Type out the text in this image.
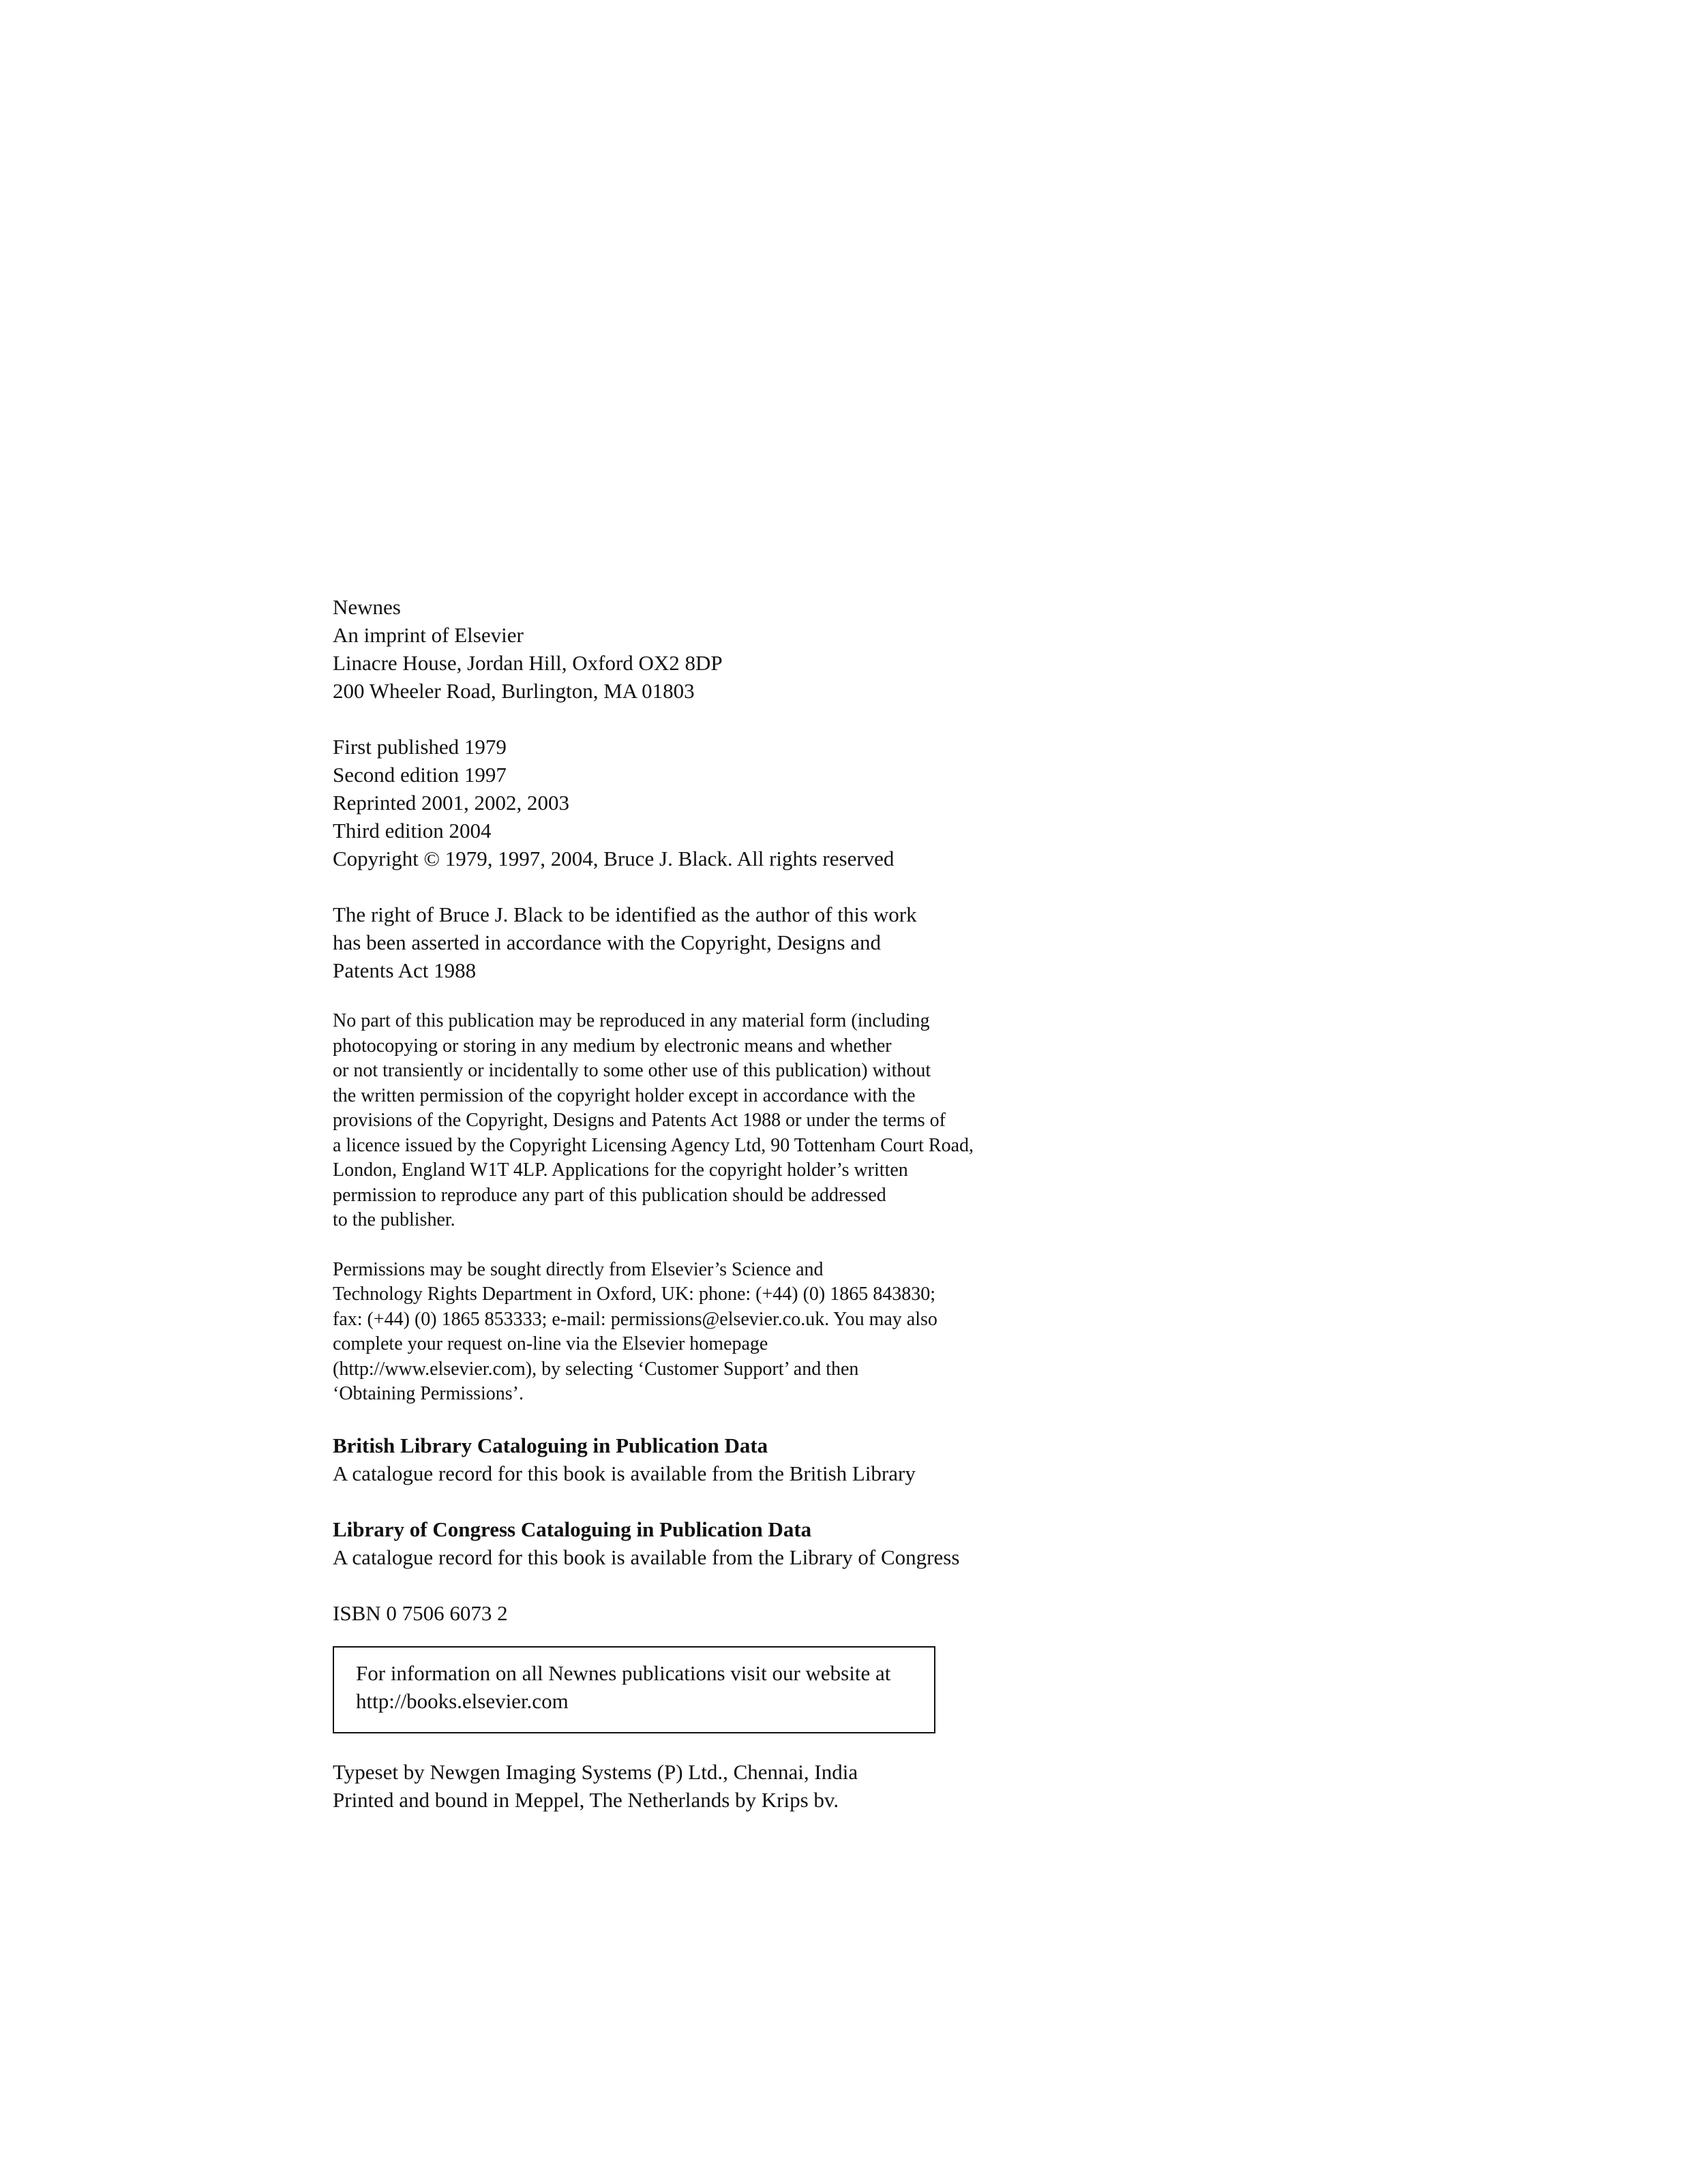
Newnes
An imprint of Elsevier
Linacre House, Jordan Hill, Oxford OX2 8DP
200 Wheeler Road, Burlington, MA 01803
First published 1979
Second edition 1997
Reprinted 2001, 2002, 2003
Third edition 2004
Copyright © 1979, 1997, 2004, Bruce J. Black. All rights reserved
The right of Bruce J. Black to be identified as the author of this work
has been asserted in accordance with the Copyright, Designs and
Patents Act 1988
No part of this publication may be reproduced in any material form (including
photocopying or storing in any medium by electronic means and whether
or not transiently or incidentally to some other use of this publication) without
the written permission of the copyright holder except in accordance with the
provisions of the Copyright, Designs and Patents Act 1988 or under the terms of
a licence issued by the Copyright Licensing Agency Ltd, 90 Tottenham Court Road,
London, England W1T 4LP. Applications for the copyright holder’s written
permission to reproduce any part of this publication should be addressed
to the publisher.
Permissions may be sought directly from Elsevier’s Science and
Technology Rights Department in Oxford, UK: phone: (+44) (0) 1865 843830;
fax: (+44) (0) 1865 853333; e-mail: permissions@elsevier.co.uk. You may also
complete your request on-line via the Elsevier homepage
(http://www.elsevier.com), by selecting ‘Customer Support’ and then
‘Obtaining Permissions’.
British Library Cataloguing in Publication Data
A catalogue record for this book is available from the British Library
Library of Congress Cataloguing in Publication Data
A catalogue record for this book is available from the Library of Congress
ISBN 0 7506 6073 2
For information on all Newnes publications visit our website at
http://books.elsevier.com
Typeset by Newgen Imaging Systems (P) Ltd., Chennai, India
Printed and bound in Meppel, The Netherlands by Krips bv.
